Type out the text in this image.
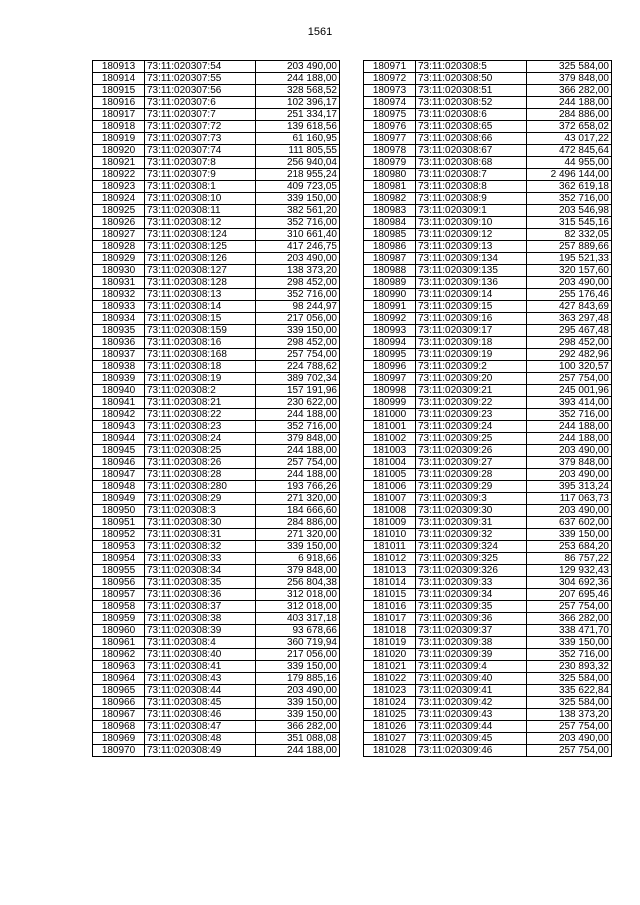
1561
180913	73:11:020307:54	203 490,00
180914	73:11:020307:55	244 188,00
180915	73:11:020307:56	328 568,52
180916	73:11:020307:6	102 396,17
180917	73:11:020307:7	251 334,17
180918	73:11:020307:72	139 618,56
180919	73:11:020307:73	61 160,95
180920	73:11:020307:74	111 805,55
180921	73:11:020307:8	256 940,04
180922	73:11:020307:9	218 955,24
180923	73:11:020308:1	409 723,05
180924	73:11:020308:10	339 150,00
180925	73:11:020308:11	382 561,20
180926	73:11:020308:12	352 716,00
180927	73:11:020308:124	310 661,40
180928	73:11:020308:125	417 246,75
180929	73:11:020308:126	203 490,00
180930	73:11:020308:127	138 373,20
180931	73:11:020308:128	298 452,00
180932	73:11:020308:13	352 716,00
180933	73:11:020308:14	98 244,97
180934	73:11:020308:15	217 056,00
180935	73:11:020308:159	339 150,00
180936	73:11:020308:16	298 452,00
180937	73:11:020308:168	257 754,00
180938	73:11:020308:18	224 788,62
180939	73:11:020308:19	389 702,34
180940	73:11:020308:2	157 191,96
180941	73:11:020308:21	230 622,00
180942	73:11:020308:22	244 188,00
180943	73:11:020308:23	352 716,00
180944	73:11:020308:24	379 848,00
180945	73:11:020308:25	244 188,00
180946	73:11:020308:26	257 754,00
180947	73:11:020308:28	244 188,00
180948	73:11:020308:280	193 766,26
180949	73:11:020308:29	271 320,00
180950	73:11:020308:3	184 666,60
180951	73:11:020308:30	284 886,00
180952	73:11:020308:31	271 320,00
180953	73:11:020308:32	339 150,00
180954	73:11:020308:33	6 918,66
180955	73:11:020308:34	379 848,00
180956	73:11:020308:35	256 804,38
180957	73:11:020308:36	312 018,00
180958	73:11:020308:37	312 018,00
180959	73:11:020308:38	403 317,18
180960	73:11:020308:39	93 678,66
180961	73:11:020308:4	360 719,94
180962	73:11:020308:40	217 056,00
180963	73:11:020308:41	339 150,00
180964	73:11:020308:43	179 885,16
180965	73:11:020308:44	203 490,00
180966	73:11:020308:45	339 150,00
180967	73:11:020308:46	339 150,00
180968	73:11:020308:47	366 282,00
180969	73:11:020308:48	351 088,08
180970	73:11:020308:49	244 188,00
180971	73:11:020308:5	325 584,00
180972	73:11:020308:50	379 848,00
180973	73:11:020308:51	366 282,00
180974	73:11:020308:52	244 188,00
180975	73:11:020308:6	284 886,00
180976	73:11:020308:65	372 658,02
180977	73:11:020308:66	43 017,22
180978	73:11:020308:67	472 845,64
180979	73:11:020308:68	44 955,00
180980	73:11:020308:7	2 496 144,00
180981	73:11:020308:8	362 619,18
180982	73:11:020308:9	352 716,00
180983	73:11:020309:1	203 546,98
180984	73:11:020309:10	315 545,16
180985	73:11:020309:12	82 332,05
180986	73:11:020309:13	257 889,66
180987	73:11:020309:134	195 521,33
180988	73:11:020309:135	320 157,60
180989	73:11:020309:136	203 490,00
180990	73:11:020309:14	255 176,46
180991	73:11:020309:15	427 843,69
180992	73:11:020309:16	363 297,48
180993	73:11:020309:17	295 467,48
180994	73:11:020309:18	298 452,00
180995	73:11:020309:19	292 482,96
180996	73:11:020309:2	100 320,57
180997	73:11:020309:20	257 754,00
180998	73:11:020309:21	245 001,96
180999	73:11:020309:22	393 414,00
181000	73:11:020309:23	352 716,00
181001	73:11:020309:24	244 188,00
181002	73:11:020309:25	244 188,00
181003	73:11:020309:26	203 490,00
181004	73:11:020309:27	379 848,00
181005	73:11:020309:28	203 490,00
181006	73:11:020309:29	395 313,24
181007	73:11:020309:3	117 063,73
181008	73:11:020309:30	203 490,00
181009	73:11:020309:31	637 602,00
181010	73:11:020309:32	339 150,00
181011	73:11:020309:324	253 684,20
181012	73:11:020309:325	86 757,22
181013	73:11:020309:326	129 932,43
181014	73:11:020309:33	304 692,36
181015	73:11:020309:34	207 695,46
181016	73:11:020309:35	257 754,00
181017	73:11:020309:36	366 282,00
181018	73:11:020309:37	338 471,70
181019	73:11:020309:38	339 150,00
181020	73:11:020309:39	352 716,00
181021	73:11:020309:4	230 893,32
181022	73:11:020309:40	325 584,00
181023	73:11:020309:41	335 622,84
181024	73:11:020309:42	325 584,00
181025	73:11:020309:43	138 373,20
181026	73:11:020309:44	257 754,00
181027	73:11:020309:45	203 490,00
181028	73:11:020309:46	257 754,00
